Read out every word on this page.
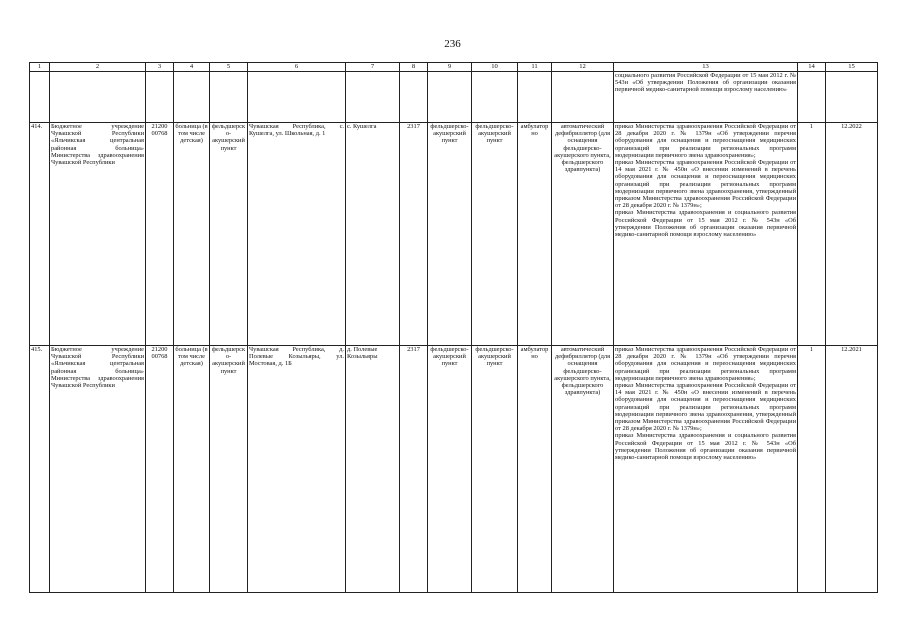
236
1	2	3	4	5	6	7	8	9	10	11	12	13	14	15
												социального развития Российской Федерации от 15 мая 2012 г. № 543н «Об утверждении Положения об организации оказания первичной медико-санитарной помощи взрослому населению»		
414.	Бюджетное учреждение Чувашской Республики «Яльчикская центральная районная больница» Министерства здравоохранения Чувашской Республики	21200 00768	больница (в том числе детская)	фельдшерско-акушерский пункт	Чувашская Республика, с. Кушелга, ул. Школьная, д. 1	с. Кушелга	2317	фельдшерско-акушерский пункт	фельдшерско-акушерский пункт	амбулаторно	автоматический дефибриллятор (для оснащения фельдшерско-акушерского пункта, фельдшерского здравпункта)	приказ Министерства здравоохранения Российской Федерации от 28 декабря 2020 г. № 1379н «Об утверждении перечня оборудования для оснащения и переоснащения медицинских организаций при реализации региональных программ модернизации первичного звена здравоохранения»;
приказ Министерства здравоохранения Российской Федерации от 14 мая 2021 г. № 450н «О внесении изменений в перечень оборудования для оснащения и переоснащения медицинских организаций при реализации региональных программ модернизации первичного звена здравоохранения, утвержденный приказом Министерства здравоохранения Российской Федерации от 28 декабря 2020 г. № 1379н»;
приказ Министерства здравоохранения и социального развития Российской Федерации от 15 мая 2012 г. № 543н «Об утверждении Положения об организации оказания первичной медико-санитарной помощи взрослому населению»	1	12.2022
415.	Бюджетное учреждение Чувашской Республики «Яльчикская центральная районная больница» Министерства здравоохранения Чувашской Республики	21200 00768	больница (в том числе детская)	фельдшерско-акушерский пункт	Чувашская Республика, д. Полевые Козыльяры, ул. Мостовая, д. 1Б	д. Полевые Козыльяры	2317	фельдшерско-акушерский пункт	фельдшерско-акушерский пункт	амбулаторно	автоматический дефибриллятор (для оснащения фельдшерско-акушерского пункта, фельдшерского здравпункта)	приказ Министерства здравоохранения Российской Федерации от 28 декабря 2020 г. № 1379н «Об утверждении перечня оборудования для оснащения и переоснащения медицинских организаций при реализации региональных программ модернизации первичного звена здравоохранения»;
приказ Министерства здравоохранения Российской Федерации от 14 мая 2021 г. № 450н «О внесении изменений в перечень оборудования для оснащения и переоснащения медицинских организаций при реализации региональных программ модернизации первичного звена здравоохранения, утвержденный приказом Министерства здравоохранения Российской Федерации от 28 декабря 2020 г. № 1379н»;
приказ Министерства здравоохранения и социального развития Российской Федерации от 15 мая 2012 г. № 543н «Об утверждении Положения об организации оказания первичной медико-санитарной помощи взрослому населению»	1	12.2021
